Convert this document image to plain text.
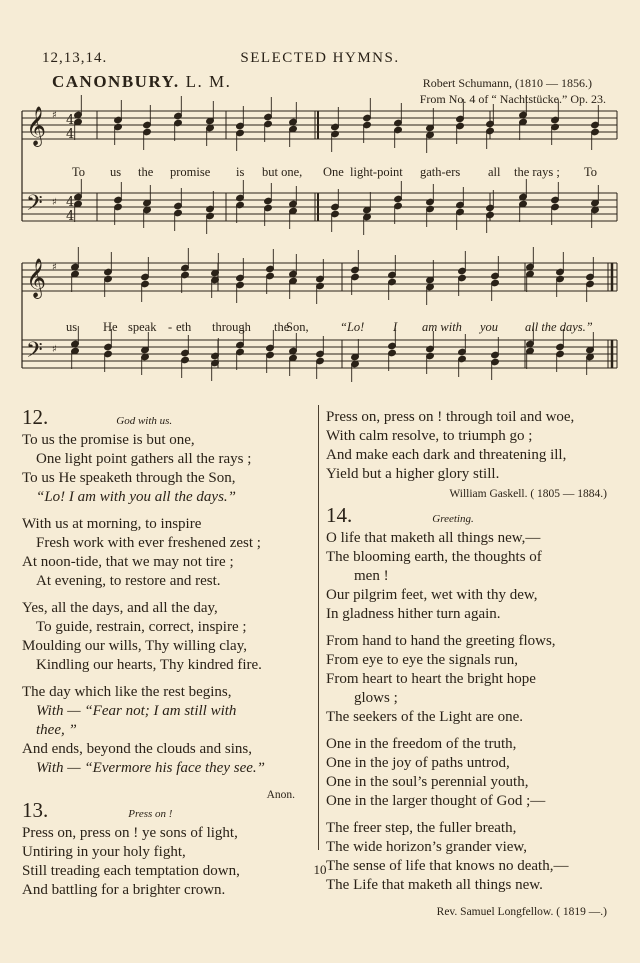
12,13,14.	SELECTED HYMNS.
CANONBURY. L. M.	Robert Schumann, (1810 — 1856.)
From No. 4 of “ Nachtstücke.” Op. 23.
𝄞
𝄢
♯
♯
4
4
4
4
𝄞
𝄢
♯
♯
To us the promise is but one, One light-point gath-ers all the rays ; To
us He speak - eth through the
Son,	“Lo! I am with you all the days.”
12.	God with us.
To us the promise is but one,
One light point gathers all the rays ;
To us He speaketh through the Son,
“Lo! I am with you all the days.”
With us at morning, to inspire
Fresh work with ever freshened zest ;
At noon-tide, that we may not tire ;
At evening, to restore and rest.
Yes, all the days, and all the day,
To guide, restrain, correct, inspire ;
Moulding our wills, Thy willing clay,
Kindling our hearts, Thy kindred fire.
The day which like the rest begins,
With — “Fear not; I am still with
thee, ”
And ends, beyond the clouds and sins,
With — “Evermore his face they see.”
Anon.
13.	Press on !
Press on, press on ! ye sons of light,
Untiring in your holy fight,
Still treading each temptation down,
And battling for a brighter crown.
Press on, press on ! through toil and woe,
With calm resolve, to triumph go ;
And make each dark and threatening ill,
Yield but a higher glory still.
William Gaskell. ( 1805 — 1884.)
14.	Greeting.
O life that maketh all things new,—
The blooming earth, the thoughts of
men !
Our pilgrim feet, wet with thy dew,
In gladness hither turn again.
From hand to hand the greeting flows,
From eye to eye the signals run,
From heart to heart the bright hope
glows ;
The seekers of the Light are one.
One in the freedom of the truth,
One in the joy of paths untrod,
One in the soul’s perennial youth,
One in the larger thought of God ;—
The freer step, the fuller breath,
The wide horizon’s grander view,
The sense of life that knows no death,—
The Life that maketh all things new.
Rev. Samuel Longfellow. ( 1819 —.)
10
